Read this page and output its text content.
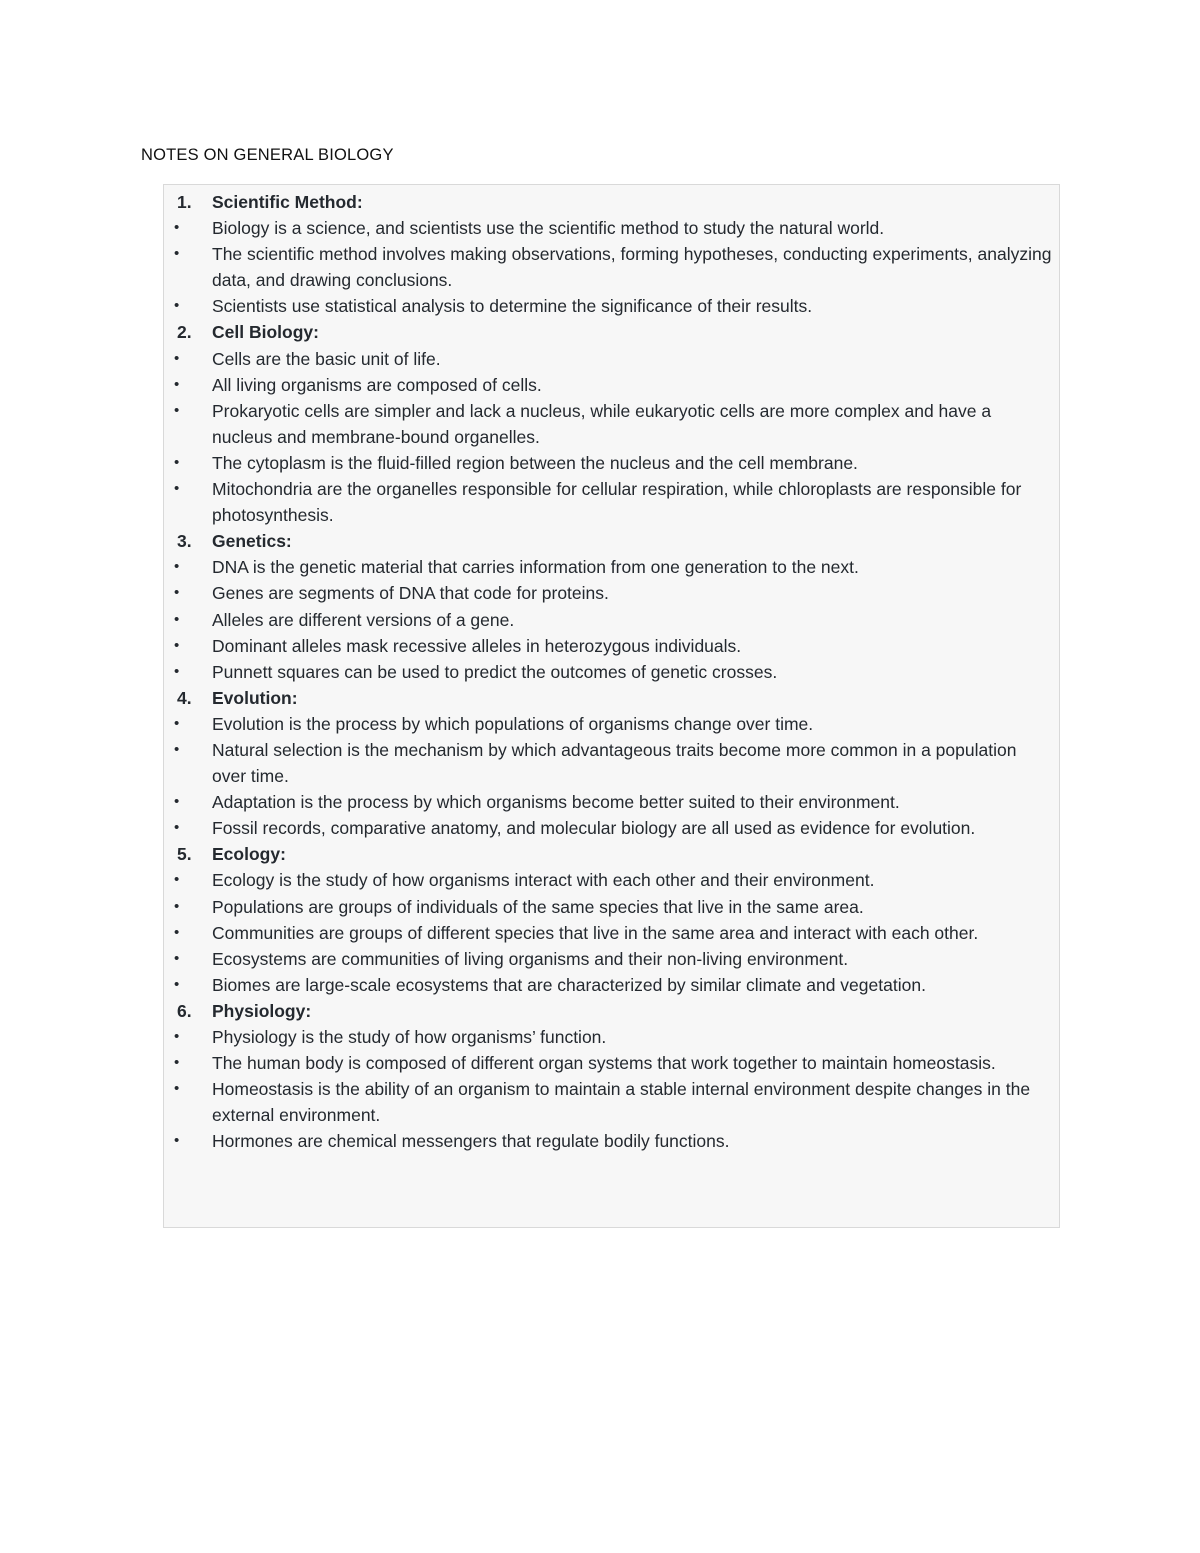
NOTES ON GENERAL BIOLOGY
1.	Scientific Method:
•	Biology is a science, and scientists use the scientific method to study the natural world.
•	The scientific method involves making observations, forming hypotheses, conducting experiments, analyzing data, and drawing conclusions.
•	Scientists use statistical analysis to determine the significance of their results.
2.	Cell Biology:
•	Cells are the basic unit of life.
•	All living organisms are composed of cells.
•	Prokaryotic cells are simpler and lack a nucleus, while eukaryotic cells are more complex and have a nucleus and membrane-bound organelles.
•	The cytoplasm is the fluid-filled region between the nucleus and the cell membrane.
•	Mitochondria are the organelles responsible for cellular respiration, while chloroplasts are responsible for photosynthesis.
3.	Genetics:
•	DNA is the genetic material that carries information from one generation to the next.
•	Genes are segments of DNA that code for proteins.
•	Alleles are different versions of a gene.
•	Dominant alleles mask recessive alleles in heterozygous individuals.
•	Punnett squares can be used to predict the outcomes of genetic crosses.
4.	Evolution:
•	Evolution is the process by which populations of organisms change over time.
•	Natural selection is the mechanism by which advantageous traits become more common in a population over time.
•	Adaptation is the process by which organisms become better suited to their environment.
•	Fossil records, comparative anatomy, and molecular biology are all used as evidence for evolution.
5.	Ecology:
•	Ecology is the study of how organisms interact with each other and their environment.
•	Populations are groups of individuals of the same species that live in the same area.
•	Communities are groups of different species that live in the same area and interact with each other.
•	Ecosystems are communities of living organisms and their non-living environment.
•	Biomes are large-scale ecosystems that are characterized by similar climate and vegetation.
6.	Physiology:
•	Physiology is the study of how organisms’ function.
•	The human body is composed of different organ systems that work together to maintain homeostasis.
•	Homeostasis is the ability of an organism to maintain a stable internal environment despite changes in the external environment.
•	Hormones are chemical messengers that regulate bodily functions.
